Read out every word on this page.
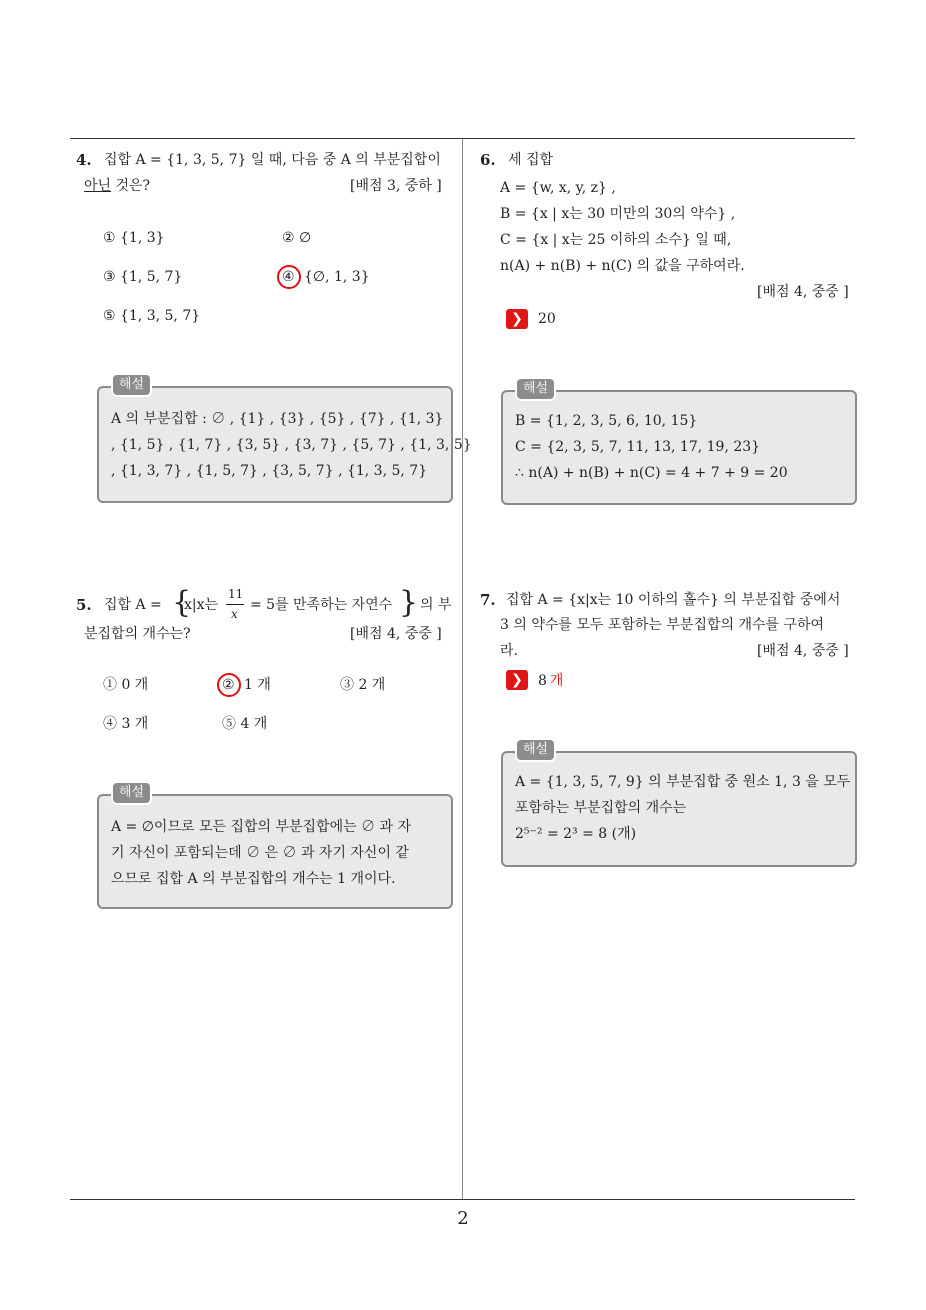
4. 집합 A = {1, 3, 5, 7} 일 때, 다음 중 A 의 부분집합이
아닌 것은?	[배점 3, 중하 ]
① {1, 3}	② ∅
③ {1, 5, 7}	④ {∅, 1, 3}
⑤ {1, 3, 5, 7}
A 의 부분집합 : ∅ , {1} , {3} , {5} , {7} , {1, 3}
, {1, 5} , {1, 7} , {3, 5} , {3, 7} , {5, 7} , {1, 3, 5}
, {1, 3, 7} , {1, 5, 7} , {3, 5, 7} , {1, 3, 5, 7}
해설
5. 집합 A = {
x|x는
11
x
= 5를 만족하는 자연수 } 의 부
분집합의 개수는?	[배점 4, 중중 ]
① 0 개	② 1 개	③ 2 개
④ 3 개	⑤ 4 개
A = ∅이므로 모든 집합의 부분집합에는 ∅ 과 자
기 자신이 포함되는데 ∅ 은 ∅ 과 자기 자신이 같
으므로 집합 A 의 부분집합의 개수는 1 개이다.
해설
6. 세 집합
A = {w, x, y, z} ,
B = {x | x는 30 미만의 30의 약수} ,
C = {x | x는 25 이하의 소수} 일 때,
n(A) + n(B) + n(C) 의 값을 구하여라.
[배점 4, 중중 ]
❯	20
B = {1, 2, 3, 5, 6, 10, 15}
C = {2, 3, 5, 7, 11, 13, 17, 19, 23}
∴ n(A) + n(B) + n(C) = 4 + 7 + 9 = 20
해설
7. 집합 A = {x|x는 10 이하의 홀수} 의 부분집합 중에서
3 의 약수를 모두 포함하는 부분집합의 개수를 구하여
라.	[배점 4, 중중 ]
❯	8 개
A = {1, 3, 5, 7, 9} 의 부분집합 중 원소 1, 3 을 모두
포함하는 부분집합의 개수는
2⁵⁻² = 2³ = 8 (개)
해설
2
